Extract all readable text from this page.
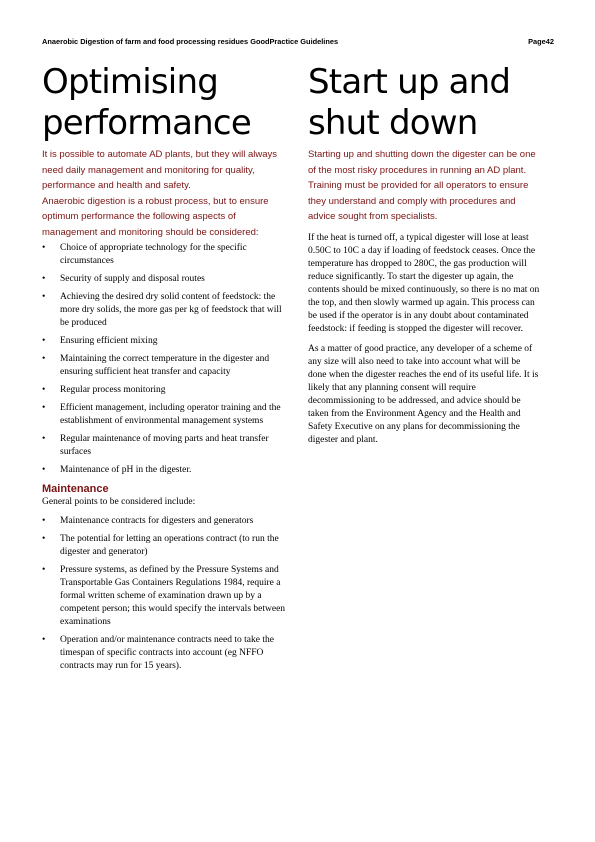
Anaerobic Digestion of farm and food processing residues GoodPractice Guidelines	Page42
Optimising
performance

It is possible to automate AD plants, but they will always need daily management and monitoring for quality, performance and health and safety.

Anaerobic digestion is a robust process, but to ensure optimum performance the following aspects of management and monitoring should be considered:

• Choice of appropriate technology for the specific circumstances
• Security of supply and disposal routes
• Achieving the desired dry solid content of feedstock: the more dry solids, the more gas per kg of feedstock that will be produced
• Ensuring efficient mixing
• Maintaining the correct temperature in the digester and ensuring sufficient heat transfer and capacity
• Regular process monitoring
• Efficient management, including operator training and the establishment of environmental management systems
• Regular maintenance of moving parts and heat transfer surfaces
• Maintenance of pH in the digester.
Maintenance
General points to be considered include:
• Maintenance contracts for digesters and generators
• The potential for letting an operations contract (to run the digester and generator)
• Pressure systems, as defined by the Pressure Systems and Transportable Gas Containers Regulations 1984, require a formal written scheme of examination drawn up by a competent person; this would specify the intervals between examinations
• Operation and/or maintenance contracts need to take the timespan of specific contracts into account (eg NFFO contracts may run for 15 years).
Start up and
shut down

Starting up and shutting down the digester can be one of the most risky procedures in running an AD plant. Training must be provided for all operators to ensure they understand and comply with procedures and advice sought from specialists.

If the heat is turned off, a typical digester will lose at least 0.50C to 10C a day if loading of feedstock ceases. Once the temperature has dropped to 280C, the gas production will reduce significantly. To start the digester up again, the contents should be mixed continuously, so there is no mat on the top, and then slowly warmed up again. This process can be used if the operator is in any doubt about contaminated feedstock: if feeding is stopped the digester will recover.

As a matter of good practice, any developer of a scheme of any size will also need to take into account what will be done when the digester reaches the end of its useful life. It is likely that any planning consent will require decommissioning to be addressed, and advice should be taken from the Environment Agency and the Health and Safety Executive on any plans for decommissioning the digester and plant.
